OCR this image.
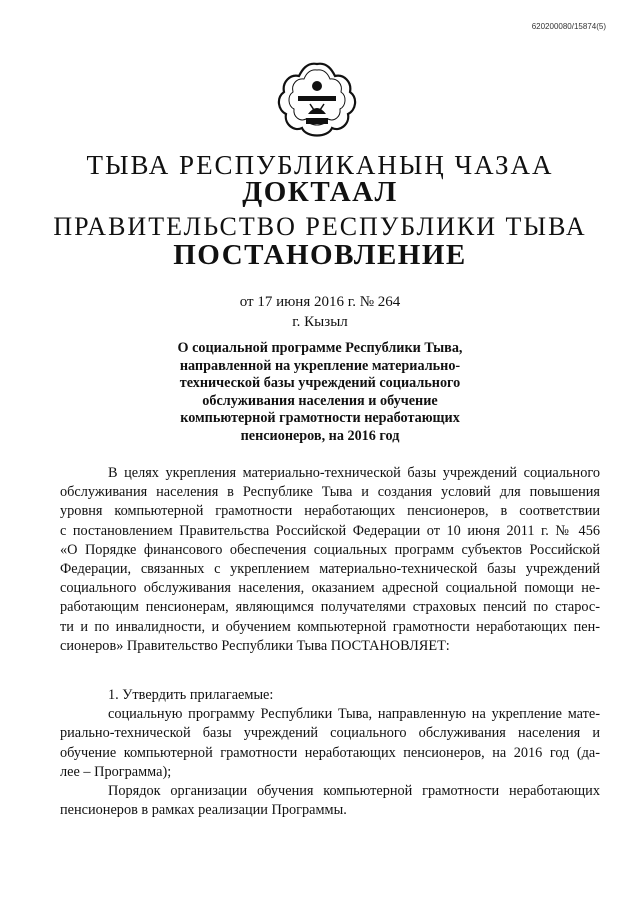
620200080/15874(5)
ТЫВА РЕСПУБЛИКАНЫҢ ЧАЗАА
ДОКТААЛ
ПРАВИТЕЛЬСТВО РЕСПУБЛИКИ ТЫВА
ПОСТАНОВЛЕНИЕ
от 17 июня 2016 г. № 264
г. Кызыл
О социальной программе Республики Тыва,
направленной на укрепление материально-
технической базы учреждений социального
обслуживания населения и обучение
компьютерной грамотности неработающих
пенсионеров, на 2016 год
В целях укрепления материально-технической базы учреждений социального
обслуживания населения в Республике Тыва и создания условий для повышения
уровня компьютерной грамотности неработающих пенсионеров, в соответствии
с постановлением Правительства Российской Федерации от 10 июня 2011 г. № 456
«О Порядке финансового обеспечения социальных программ субъектов Российской
Федерации, связанных с укреплением материально-технической базы учреждений
социального обслуживания населения, оказанием адресной социальной помощи не-
работающим пенсионерам, являющимся получателями страховых пенсий по старос-
ти и по инвалидности, и обучением компьютерной грамотности неработающих пен-
сионеров» Правительство Республики Тыва ПОСТАНОВЛЯЕТ:
1. Утвердить прилагаемые:
социальную программу Республики Тыва, направленную на укрепление мате-
риально-технической базы учреждений социального обслуживания населения и
обучение компьютерной грамотности неработающих пенсионеров, на 2016 год (да-
лее – Программа);
Порядок организации обучения компьютерной грамотности неработающих
пенсионеров в рамках реализации Программы.
